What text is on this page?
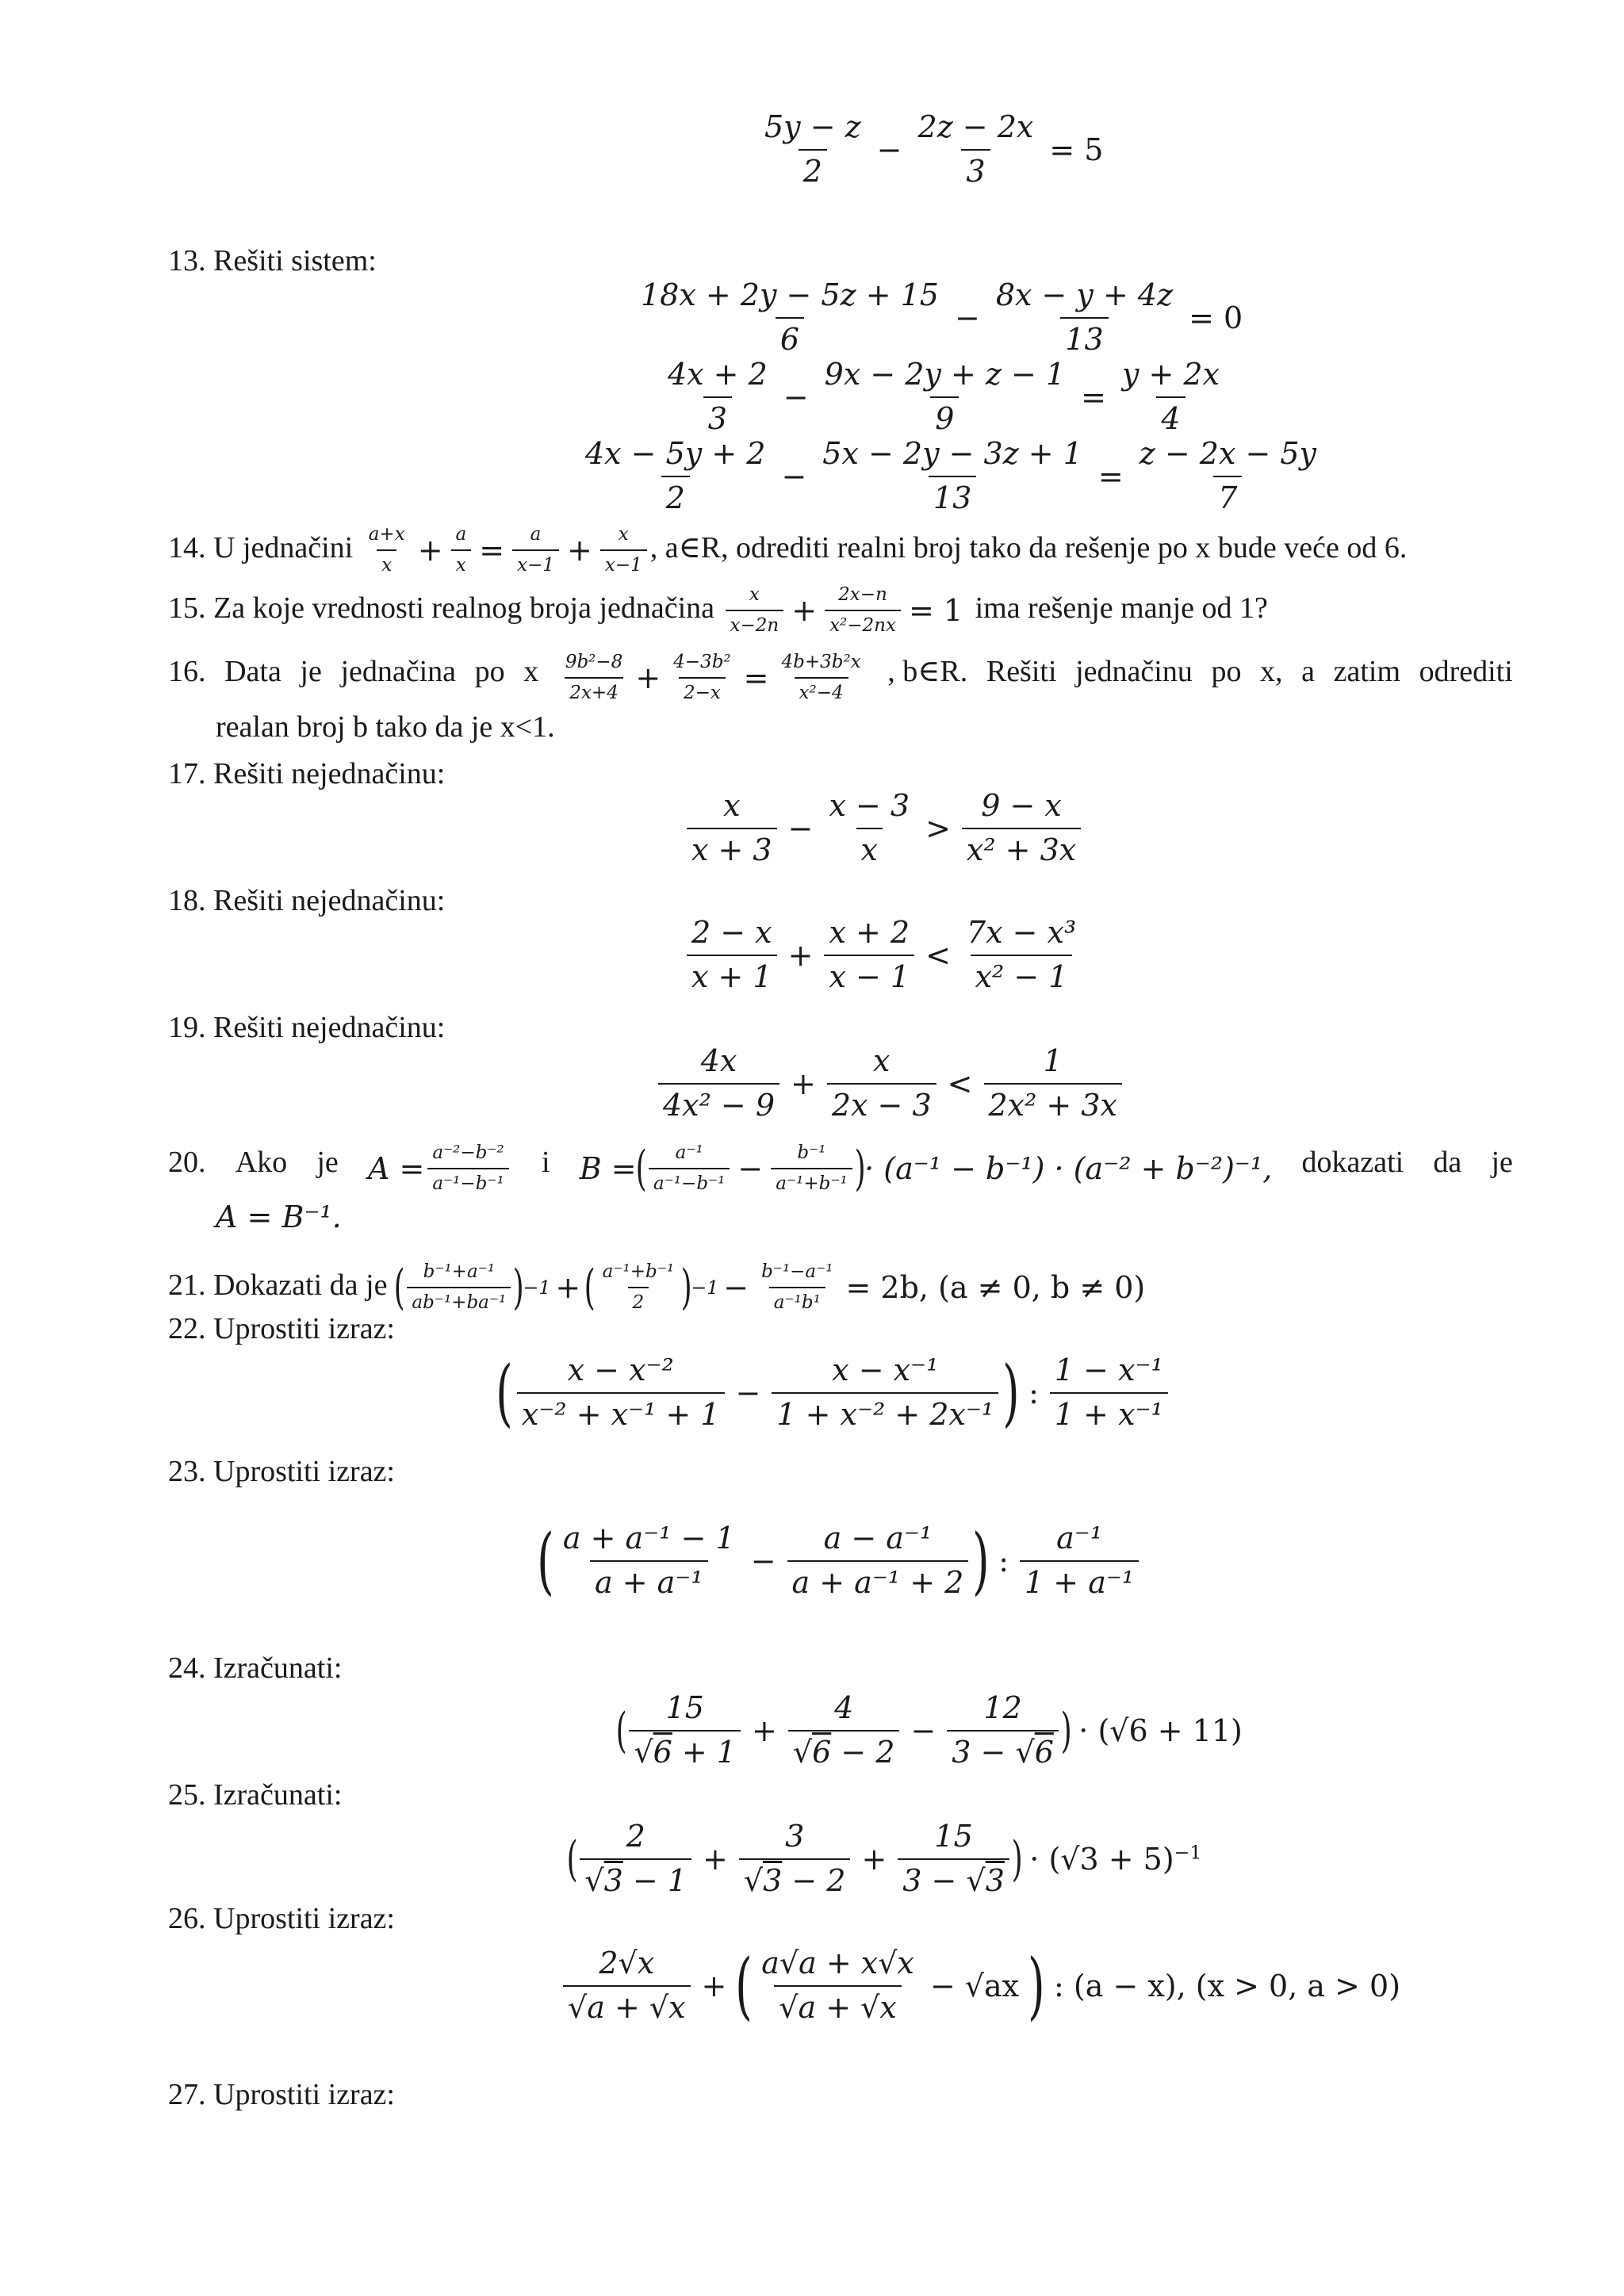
$\frac{5y - z}{2} - \frac{2z - 2x}{3} = 5$
13. Rešiti sistem:
$\frac{18x + 2y - 5z + 15}{6} - \frac{8x - y + 4z}{13} = 0$
$\frac{4x + 2}{3} - \frac{9x - 2y + z - 1}{9} = \frac{y + 2x}{4}$
$\frac{4x - 5y + 2}{2} - \frac{5x - 2y - 3z + 1}{13} = \frac{z - 2x - 5y}{7}$
14. U jednačini $\frac{a+x}{x} + \frac{a}{x} = \frac{a}{x-1} + \frac{x}{x-1}$ , a∈R, odrediti realni broj tako da rešenje po x bude veće od 6.
15. Za koje vrednosti realnog broja jednačina $\frac{x}{x-2n} + \frac{2x-n}{\text{x²−2nx}} = 1$ ima rešenje manje od 1?
16. Data je jednačina po x $\frac{\text{9b²−8}}{2x+4} + \frac{\text{4−3b²}}{2-x} = \frac{\text{4b+3b²x}}{\text{x²−4}}$ , b∈R. Rešiti jednačinu po x, a zatim odrediti
realan broj b tako da je x<1.
17. Rešiti nejednačinu:
$\frac{x}{x + 3} - \frac{x - 3}{x} > \frac{9 - x}{\text{x² + 3x}}$
18. Rešiti nejednačinu:
$\frac{2 - x}{x + 1} + \frac{x + 2}{x - 1} < \frac{\text{7x − x³}}{\text{x² − 1}}$
19. Rešiti nejednačinu:
$\frac{4x}{\text{4x² − 9}} + \frac{x}{2x - 3} < \frac{1}{\text{2x² + 3x}}$
20. Ako je $A = \frac{\text{a⁻²−b⁻²}}{\text{a⁻¹−b⁻¹}}$ i B =
( $\frac{\text{a⁻¹}}{\text{a⁻¹−b⁻¹}} - \frac{\text{b⁻¹}}{\text{a⁻¹+b⁻¹}}$ )
· (a⁻¹ − b⁻¹) · (a⁻² + b⁻²)⁻¹, dokazati da je
A = B⁻¹.
21. Dokazati da je ( $\frac{\text{b⁻¹+a⁻¹}}{\text{ab⁻¹+ba⁻¹}}$ )
−1 + ( $\frac{\text{a⁻¹+b⁻¹}}{2}$ )
$-1 - \frac{\text{b⁻¹−a⁻¹}}{\text{a⁻¹b¹}} = 2b$, (a ≠ 0, b ≠ 0)
22. Uprostiti izraz:
( $\frac{\text{x − x⁻²}}{\text{x⁻² + x⁻¹ + 1}} - \frac{\text{x − x⁻¹}}{\text{1 + x⁻² + 2x⁻¹}}$ ) : $\frac{\text{1 − x⁻¹}}{\text{1 + x⁻¹}}$
23. Uprostiti izraz:
( $\frac{\text{a + a⁻¹ − 1}}{\text{a + a⁻¹}} - \frac{\text{a − a⁻¹}}{\text{a + a⁻¹ + 2}}$ ) : $\frac{\text{a⁻¹}}{\text{1 + a⁻¹}}$
24. Izračunati:
( $\frac{15}{√6 + 1} + \frac{4}{√6 - 2} - \frac{12}{3 - √6}$ ) · (√6 + 11)
25. Izračunati:
( $\frac{2}{√3 - 1} + \frac{3}{√3 - 2} + \frac{15}{3 - √3}$ ) · $(√3 + 5)^{-1}$
26. Uprostiti izraz:
$\frac{2√x}{√a + √x}$ + ( $\frac{a√a + x√x}{√a + √x} - √ax$ ) : (a − x), (x > 0, a > 0)
27. Uprostiti izraz:
